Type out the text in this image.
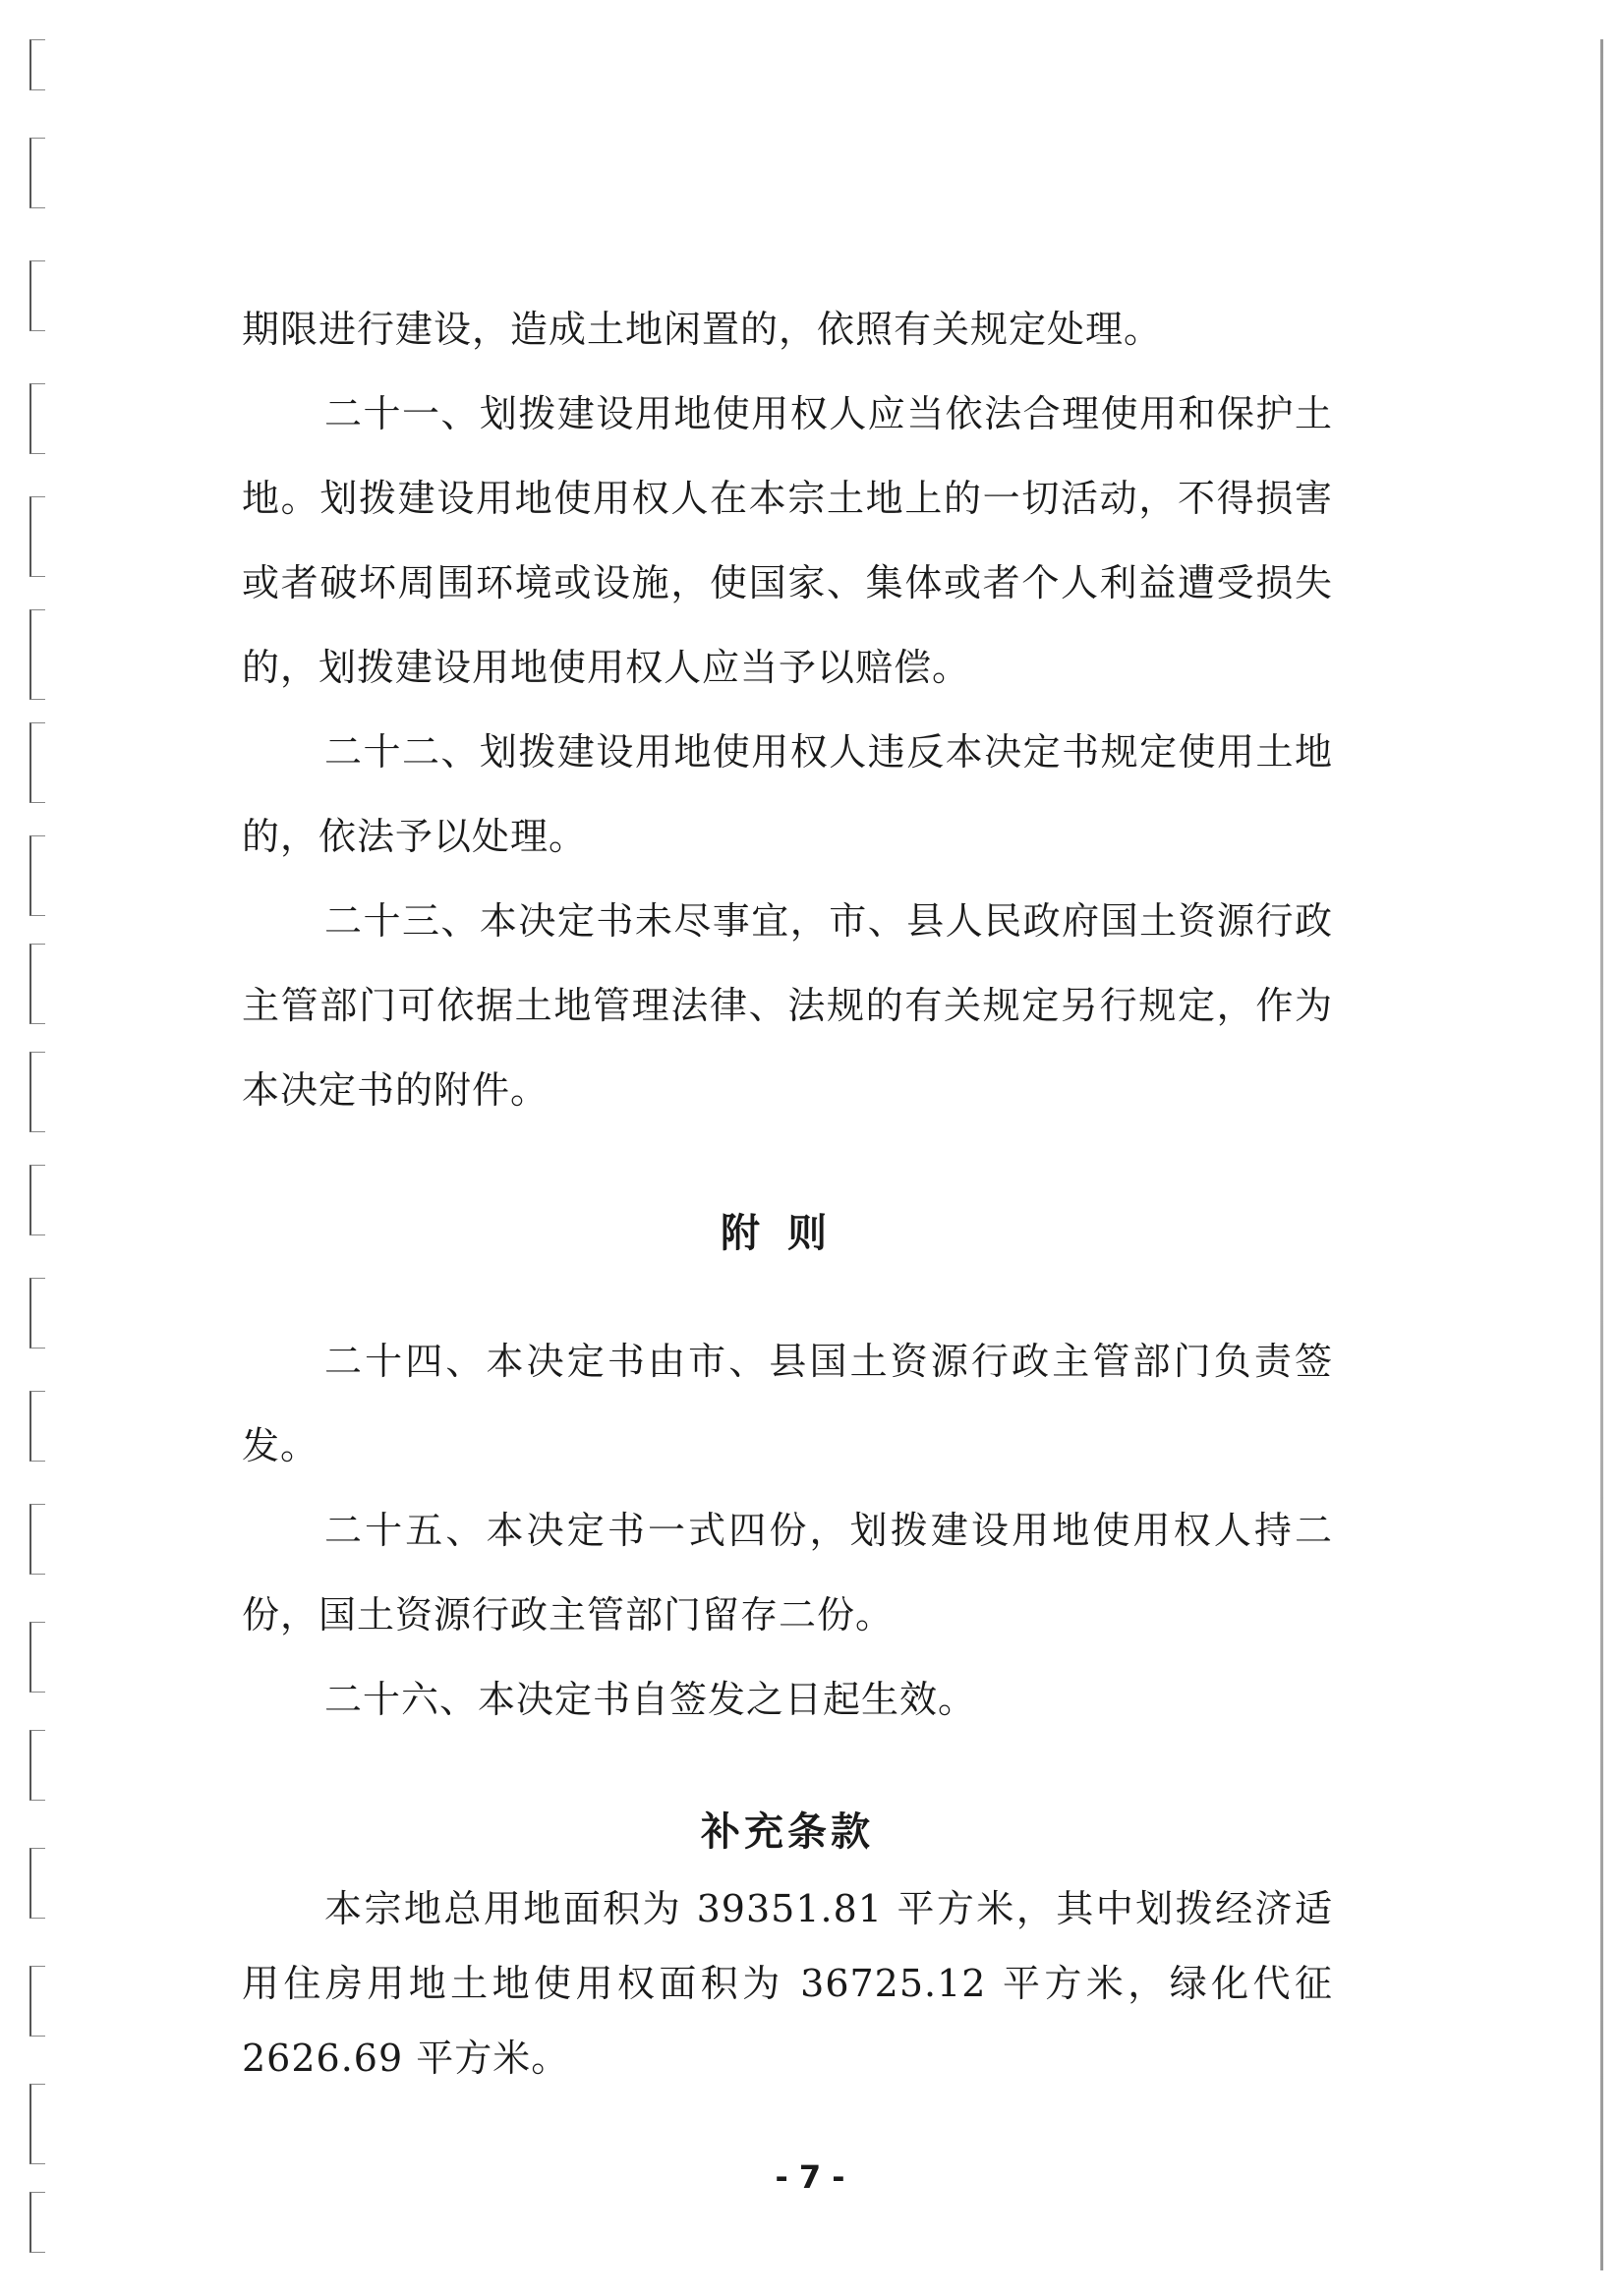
期限进行建设，造成土地闲置的，依照有关规定处理。

二十一、划拨建设用地使用权人应当依法合理使用和保护土地。划拨建设用地使用权人在本宗土地上的一切活动，不得损害或者破坏周围环境或设施，使国家、集体或者个人利益遭受损失的，划拨建设用地使用权人应当予以赔偿。

二十二、划拨建设用地使用权人违反本决定书规定使用土地的，依法予以处理。

二十三、本决定书未尽事宜，市、县人民政府国土资源行政主管部门可依据土地管理法律、法规的有关规定另行规定，作为本决定书的附件。

附则

二十四、本决定书由市、县国土资源行政主管部门负责签发。

二十五、本决定书一式四份，划拨建设用地使用权人持二份，国土资源行政主管部门留存二份。

二十六、本决定书自签发之日起生效。

补充条款

本宗地总用地面积为 39351.81 平方米，其中划拨经济适用住房用地土地使用权面积为 36725.12 平方米，绿化代征 2626.69 平方米。

- 7 -
